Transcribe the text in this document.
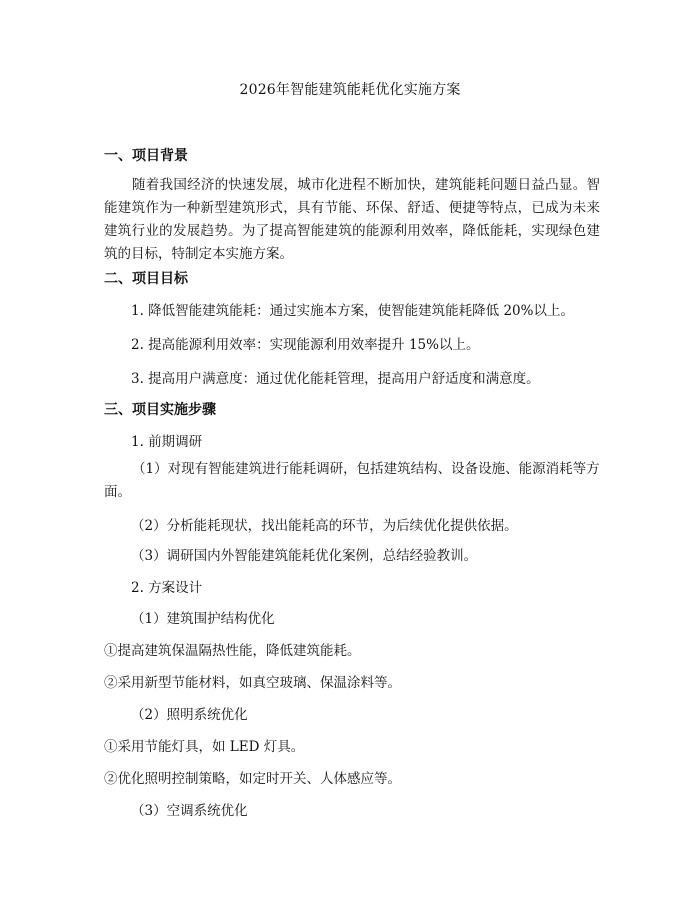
2026年智能建筑能耗优化实施方案
一、项目背景
随着我国经济的快速发展，城市化进程不断加快，建筑能耗问题日益凸显。智能建筑作为一种新型建筑形式，具有节能、环保、舒适、便捷等特点，已成为未来建筑行业的发展趋势。为了提高智能建筑的能源利用效率，降低能耗，实现绿色建筑的目标，特制定本实施方案。
二、项目目标
1. 降低智能建筑能耗：通过实施本方案，使智能建筑能耗降低 20%以上。
2. 提高能源利用效率：实现能源利用效率提升 15%以上。
3. 提高用户满意度：通过优化能耗管理，提高用户舒适度和满意度。
三、项目实施步骤
1. 前期调研
（1）对现有智能建筑进行能耗调研，包括建筑结构、设备设施、能源消耗等方面。
（2）分析能耗现状，找出能耗高的环节，为后续优化提供依据。
（3）调研国内外智能建筑能耗优化案例，总结经验教训。
2. 方案设计
（1）建筑围护结构优化
①提高建筑保温隔热性能，降低建筑能耗。
②采用新型节能材料，如真空玻璃、保温涂料等。
（2）照明系统优化
①采用节能灯具，如 LED 灯具。
②优化照明控制策略，如定时开关、人体感应等。
（3）空调系统优化
